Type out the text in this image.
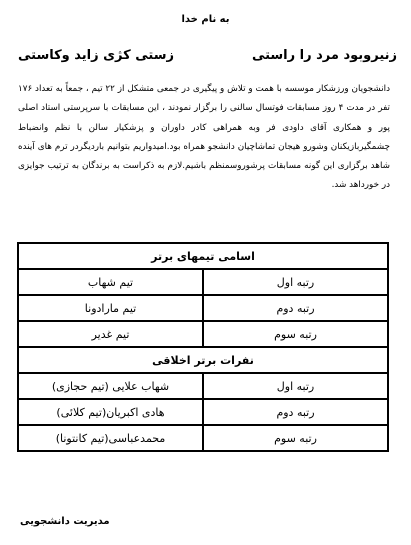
به نام خدا
زنیروبود مرد را راستی
زستی کژی زاید وکاستی
دانشجویان ورزشکار موسسه با همت و تلاش و پیگیری در جمعی متشکل از ۲۲ تیم ، جمعاً به تعداد ۱۷۶ تفر در مدت ۴ روز مسابقات فوتسال سالنی را برگزار نمودند ، این مسابقات با سرپرستی استاد اصلی پور و همکاری آقای داودی فر وبه همراهی کادر داوران و پزشکیار سالن با نظم وانضباط چشمگیربازیکنان وشورو هیجان تماشاچیان دانشجو همراه بود.امیدواریم بتوانیم باردیگردر ترم های آینده شاهد برگزاری این گونه مسابقات پرشوروسمنظم باشیم.لازم به ذکراست به برندگان به ترتیب جوایزی در خورداهد شد.
اسامی تیمهای برتر	
رتبه اول	تیم شهاب
رتبه دوم	تیم مارادونا
رتبه سوم	تیم غدیر
نفرات برتر اخلاقی	
رتبه اول	شهاب علایی (تیم حجازی)
رتبه دوم	هادی اکبریان(تیم کلائی)
رتبه سوم	محمدعباسی(تیم کانتونا)
مدیریت دانشجویی
